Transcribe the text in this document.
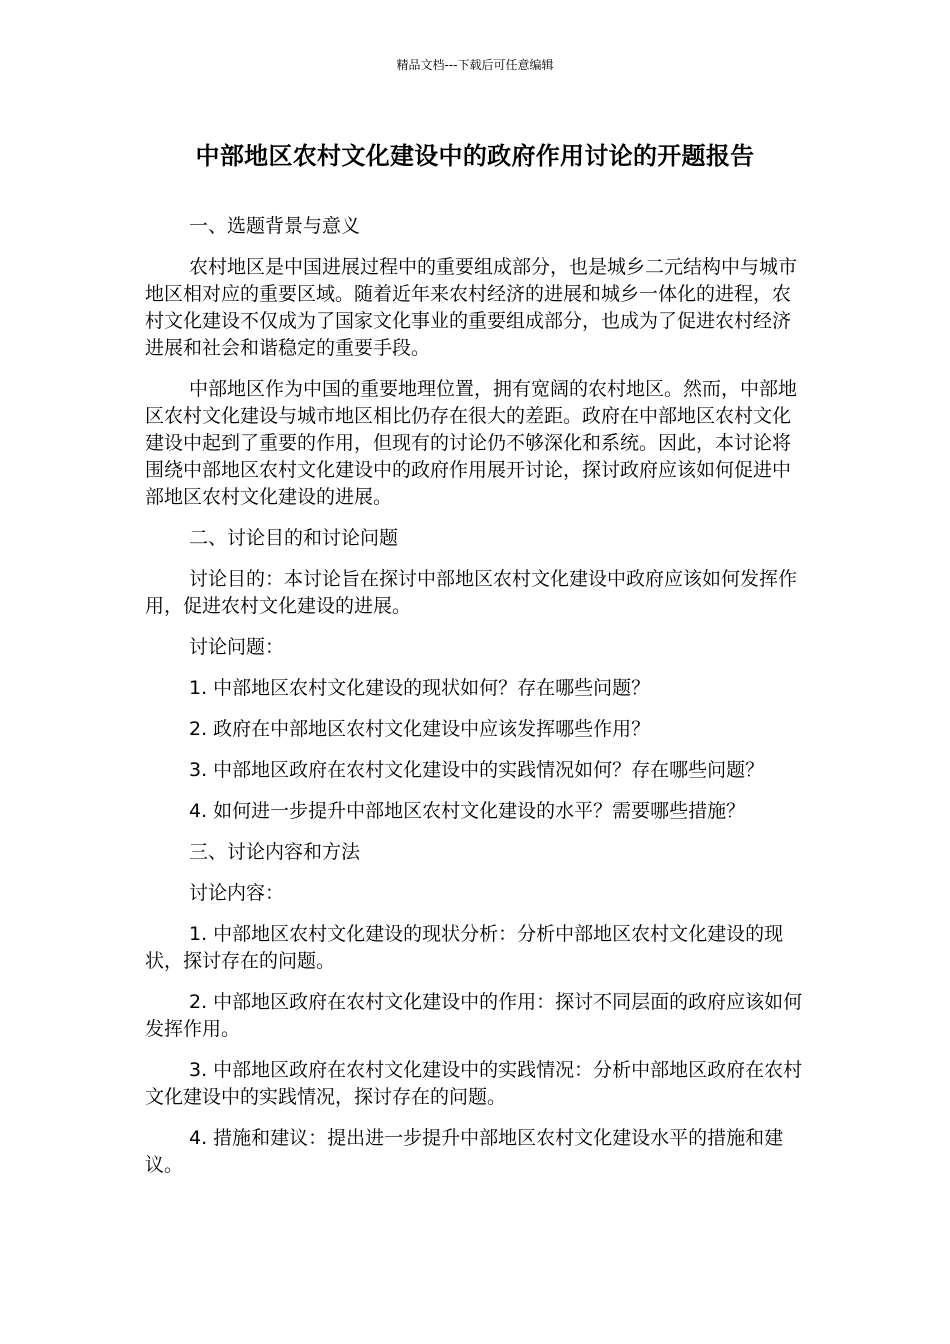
精品文档---下载后可任意编辑
中部地区农村文化建设中的政府作用讨论的开题报告

一、选题背景与意义

农村地区是中国进展过程中的重要组成部分，也是城乡二元结构中与城市地区相对应的重要区域。随着近年来农村经济的进展和城乡一体化的进程，农村文化建设不仅成为了国家文化事业的重要组成部分，也成为了促进农村经济进展和社会和谐稳定的重要手段。

中部地区作为中国的重要地理位置，拥有宽阔的农村地区。然而，中部地区农村文化建设与城市地区相比仍存在很大的差距。政府在中部地区农村文化建设中起到了重要的作用，但现有的讨论仍不够深化和系统。因此，本讨论将围绕中部地区农村文化建设中的政府作用展开讨论，探讨政府应该如何促进中部地区农村文化建设的进展。

二、讨论目的和讨论问题

讨论目的：本讨论旨在探讨中部地区农村文化建设中政府应该如何发挥作用，促进农村文化建设的进展。

讨论问题：

1. 中部地区农村文化建设的现状如何？存在哪些问题？

2. 政府在中部地区农村文化建设中应该发挥哪些作用？

3. 中部地区政府在农村文化建设中的实践情况如何？存在哪些问题？

4. 如何进一步提升中部地区农村文化建设的水平？需要哪些措施？

三、讨论内容和方法

讨论内容：

1. 中部地区农村文化建设的现状分析：分析中部地区农村文化建设的现状，探讨存在的问题。

2. 中部地区政府在农村文化建设中的作用：探讨不同层面的政府应该如何发挥作用。

3. 中部地区政府在农村文化建设中的实践情况：分析中部地区政府在农村文化建设中的实践情况，探讨存在的问题。

4. 措施和建议：提出进一步提升中部地区农村文化建设水平的措施和建议。
